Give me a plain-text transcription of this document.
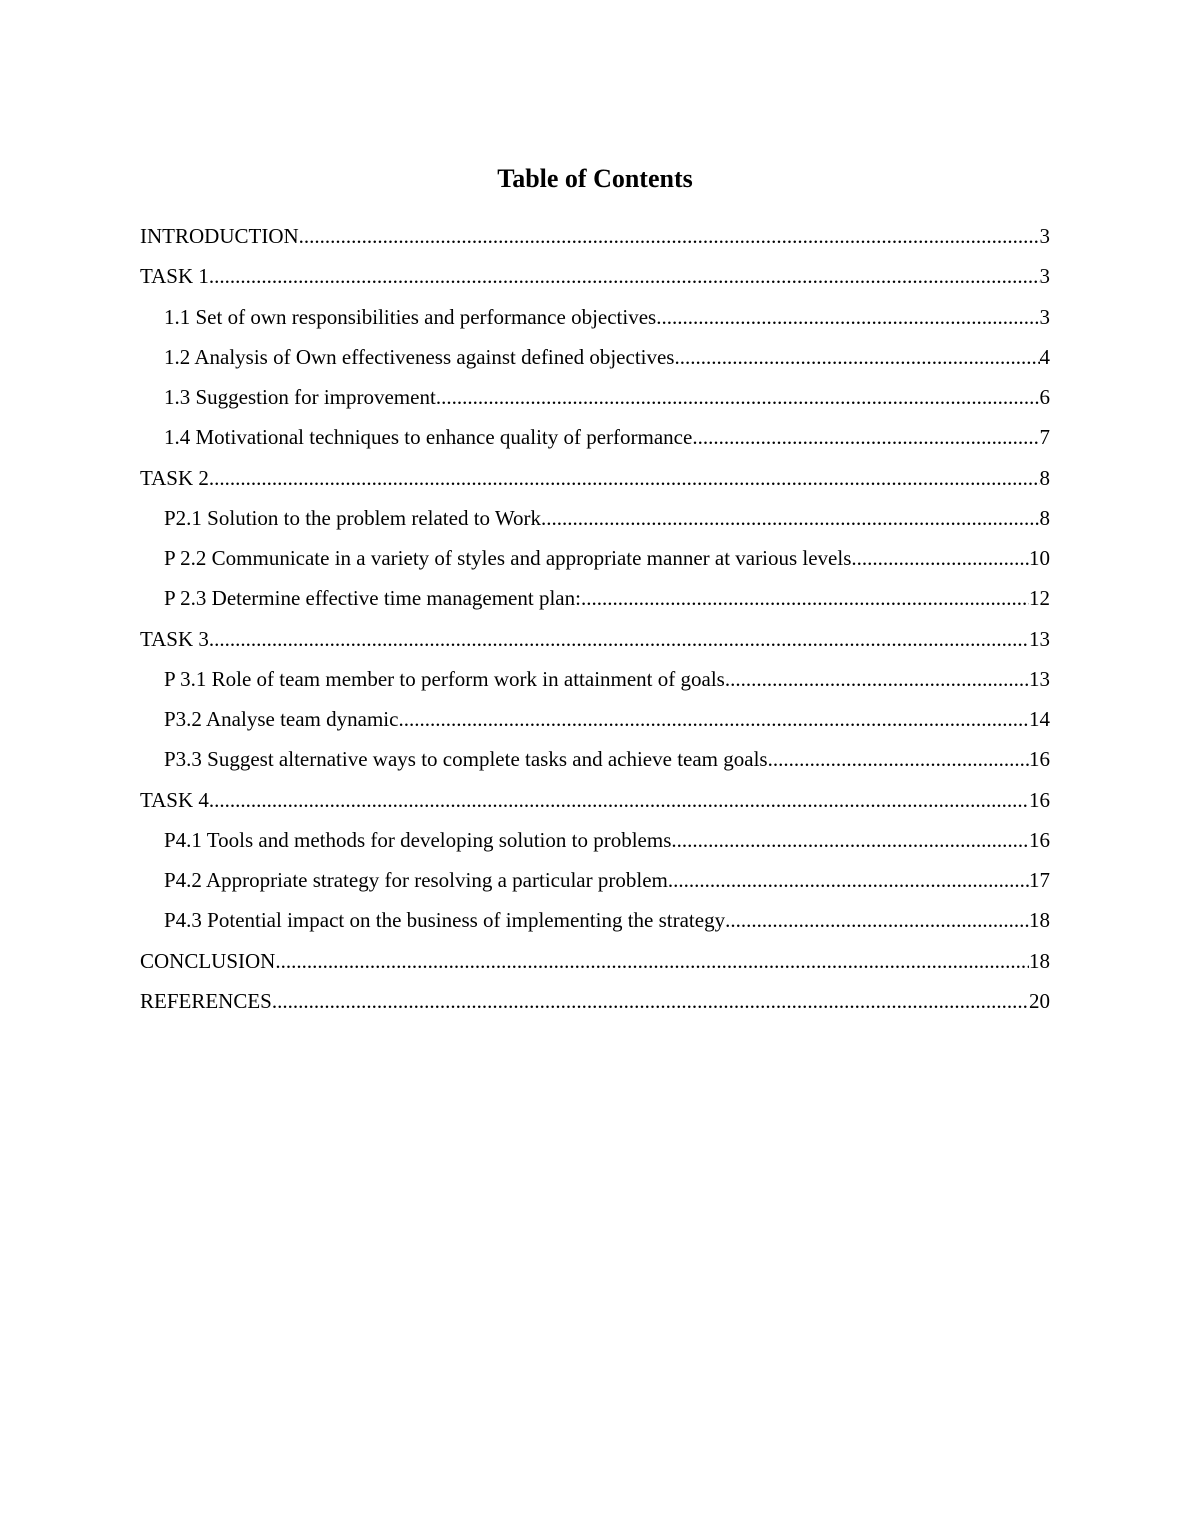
Table of Contents
INTRODUCTION .....	3
TASK 1 .....	3
1.1 Set of own responsibilities and performance objectives .....	3
1.2 Analysis of Own effectiveness against defined objectives .....	4
1.3 Suggestion for improvement .....	6
1.4 Motivational techniques to enhance quality of performance .....	7
TASK 2 .....	8
P2.1 Solution to the problem related to Work .....	8
P 2.2 Communicate in a variety of styles and appropriate manner at various levels .....	10
P 2.3 Determine effective time management plan: .....	12
TASK 3 .....	13
P 3.1 Role of team member to perform work in attainment of goals .....	13
P3.2 Analyse team dynamic .....	14
P3.3 Suggest alternative ways to complete tasks and achieve team goals .....	16
TASK 4 .....	16
P4.1 Tools and methods for developing solution to problems .....	16
P4.2 Appropriate strategy for resolving a particular problem .....	17
P4.3 Potential impact on the business of implementing the strategy .....	18
CONCLUSION .....	18
REFERENCES .....	20
